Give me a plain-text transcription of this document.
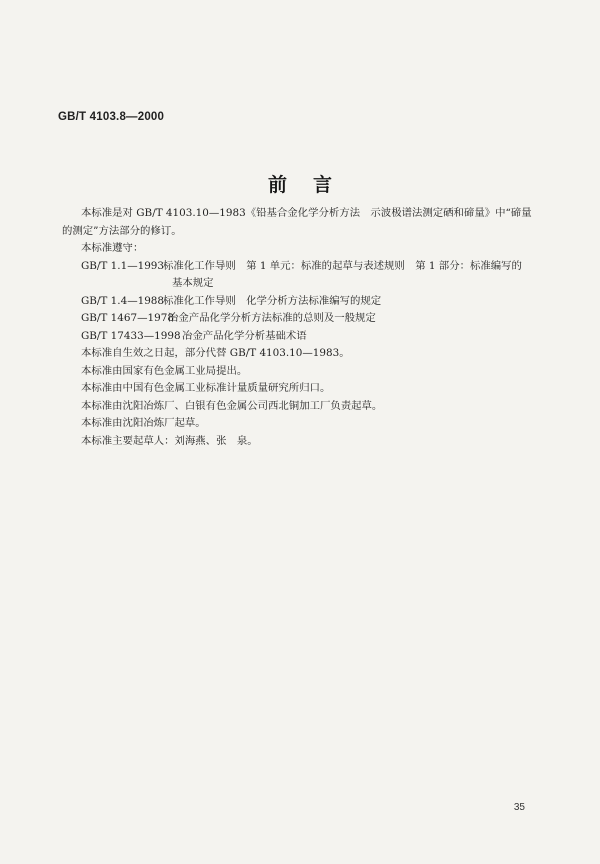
GB/T 4103.8—2000
前言
本标准是对 GB/T 4103.10—1983《铅基合金化学分析方法　示波极谱法测定硒和碲量》中“碲量
的测定”方法部分的修订。
本标准遵守：
GB/T 1.1—1993
标准化工作导则　第 1 单元：标准的起草与表述规则　第 1 部分：标准编写的
基本规定
GB/T 1.4—1988
标准化工作导则　化学分析方法标准编写的规定
GB/T 1467—1978
冶金产品化学分析方法标准的总则及一般规定
GB/T 17433—1998 冶金产品化学分析基础术语
本标准自生效之日起，部分代替 GB/T 4103.10—1983。
本标准由国家有色金属工业局提出。
本标准由中国有色金属工业标准计量质量研究所归口。
本标准由沈阳冶炼厂、白银有色金属公司西北铜加工厂负责起草。
本标准由沈阳冶炼厂起草。
本标准主要起草人：刘海燕、张　泉。
35
